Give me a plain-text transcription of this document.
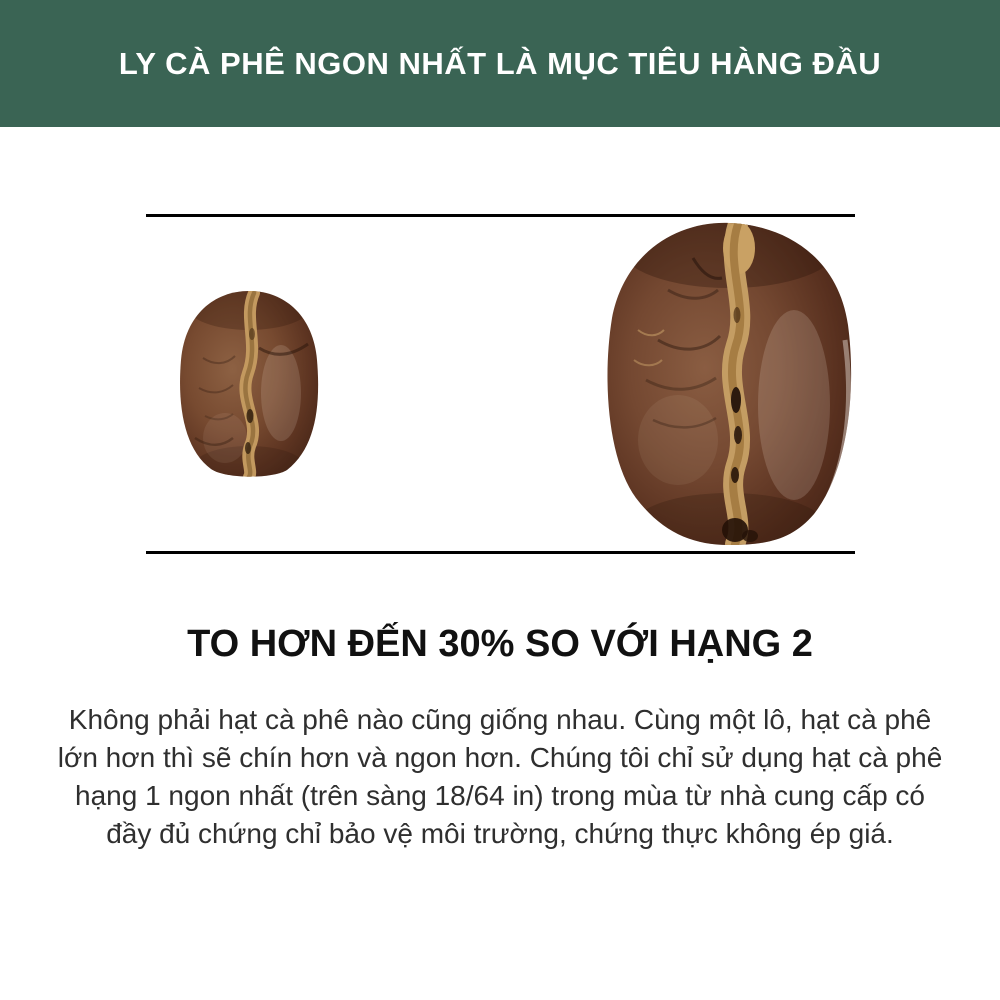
LY CÀ PHÊ NGON NHẤT LÀ MỤC TIÊU HÀNG ĐẦU
TO HƠN ĐẾN 30% SO VỚI HẠNG 2

Không phải hạt cà phê nào cũng giống nhau. Cùng một lô, hạt cà phê
lớn hơn thì sẽ chín hơn và ngon hơn. Chúng tôi chỉ sử dụng hạt cà phê
hạng 1 ngon nhất (trên sàng 18/64 in) trong mùa từ nhà cung cấp có
đầy đủ chứng chỉ bảo vệ môi trường, chứng thực không ép giá.
